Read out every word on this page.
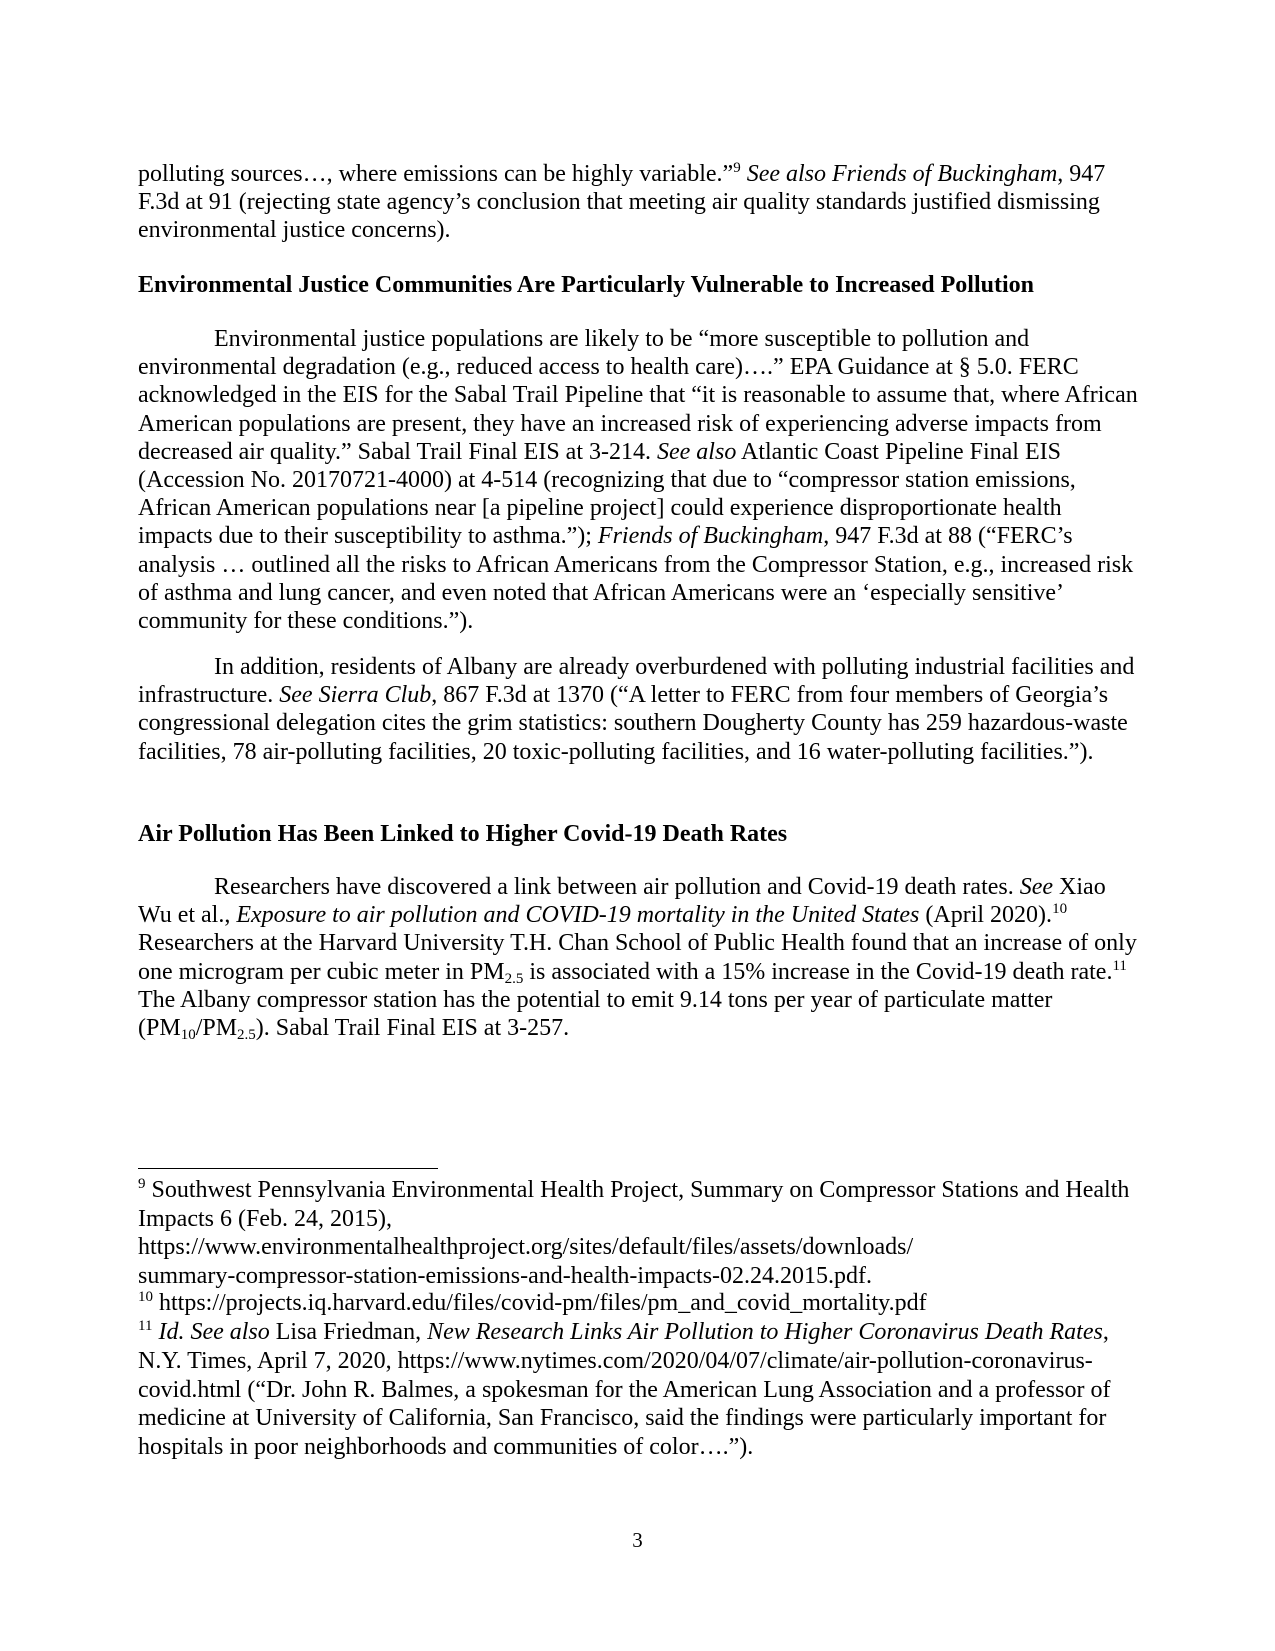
polluting sources…, where emissions can be highly variable.”$^9$ See also Friends of Buckingham, 947 F.3d at 91 (rejecting state agency’s conclusion that meeting air quality standards justified dismissing environmental justice concerns).

Environmental Justice Communities Are Particularly Vulnerable to Increased Pollution

Environmental justice populations are likely to be “more susceptible to pollution and environmental degradation (e.g., reduced access to health care)….” EPA Guidance at § 5.0. FERC acknowledged in the EIS for the Sabal Trail Pipeline that “it is reasonable to assume that, where African American populations are present, they have an increased risk of experiencing adverse impacts from decreased air quality.” Sabal Trail Final EIS at 3-214. See also Atlantic Coast Pipeline Final EIS (Accession No. 20170721-4000) at 4-514 (recognizing that due to “compressor station emissions, African American populations near [a pipeline project] could experience disproportionate health impacts due to their susceptibility to asthma.”); Friends of Buckingham, 947 F.3d at 88 (“FERC’s analysis … outlined all the risks to African Americans from the Compressor Station, e.g., increased risk of asthma and lung cancer, and even noted that African Americans were an ‘especially sensitive’ community for these conditions.”).

In addition, residents of Albany are already overburdened with polluting industrial facilities and infrastructure. See Sierra Club, 867 F.3d at 1370 (“A letter to FERC from four members of Georgia’s congressional delegation cites the grim statistics: southern Dougherty County has 259 hazardous-waste facilities, 78 air-polluting facilities, 20 toxic-polluting facilities, and 16 water-polluting facilities.”).

Air Pollution Has Been Linked to Higher Covid-19 Death Rates

Researchers have discovered a link between air pollution and Covid-19 death rates. See Xiao Wu et al., Exposure to air pollution and COVID-19 mortality in the United States (April 2020).$^{10}$ Researchers at the Harvard University T.H. Chan School of Public Health found that an increase of only one microgram per cubic meter in $PM_{2.5}$ is associated with a 15% increase in the Covid-19 death rate.$^{11}$ The Albany compressor station has the potential to emit 9.14 tons per year of particulate matter $(PM_{10}/PM_{2.5})$. Sabal Trail Final EIS at 3-257.

$^9$ Southwest Pennsylvania Environmental Health Project, Summary on Compressor Stations and Health Impacts 6 (Feb. 24, 2015),

https://www.environmentalhealthproject.org/sites/default/files/assets/downloads/
summary-compressor-station-emissions-and-health-impacts-02.24.2015.pdf.

$^{10}$ https://projects.iq.harvard.edu/files/covid-pm/files/pm_and_covid_mortality.pdf

$^{11}$ Id. See also Lisa Friedman, New Research Links Air Pollution to Higher Coronavirus Death Rates, N.Y. Times, April 7, 2020, https://www.nytimes.com/2020/04/07/climate/air-pollution-coronavirus-covid.html (“Dr. John R. Balmes, a spokesman for the American Lung Association and a professor of medicine at University of California, San Francisco, said the findings were particularly important for hospitals in poor neighborhoods and communities of color….”).

3
